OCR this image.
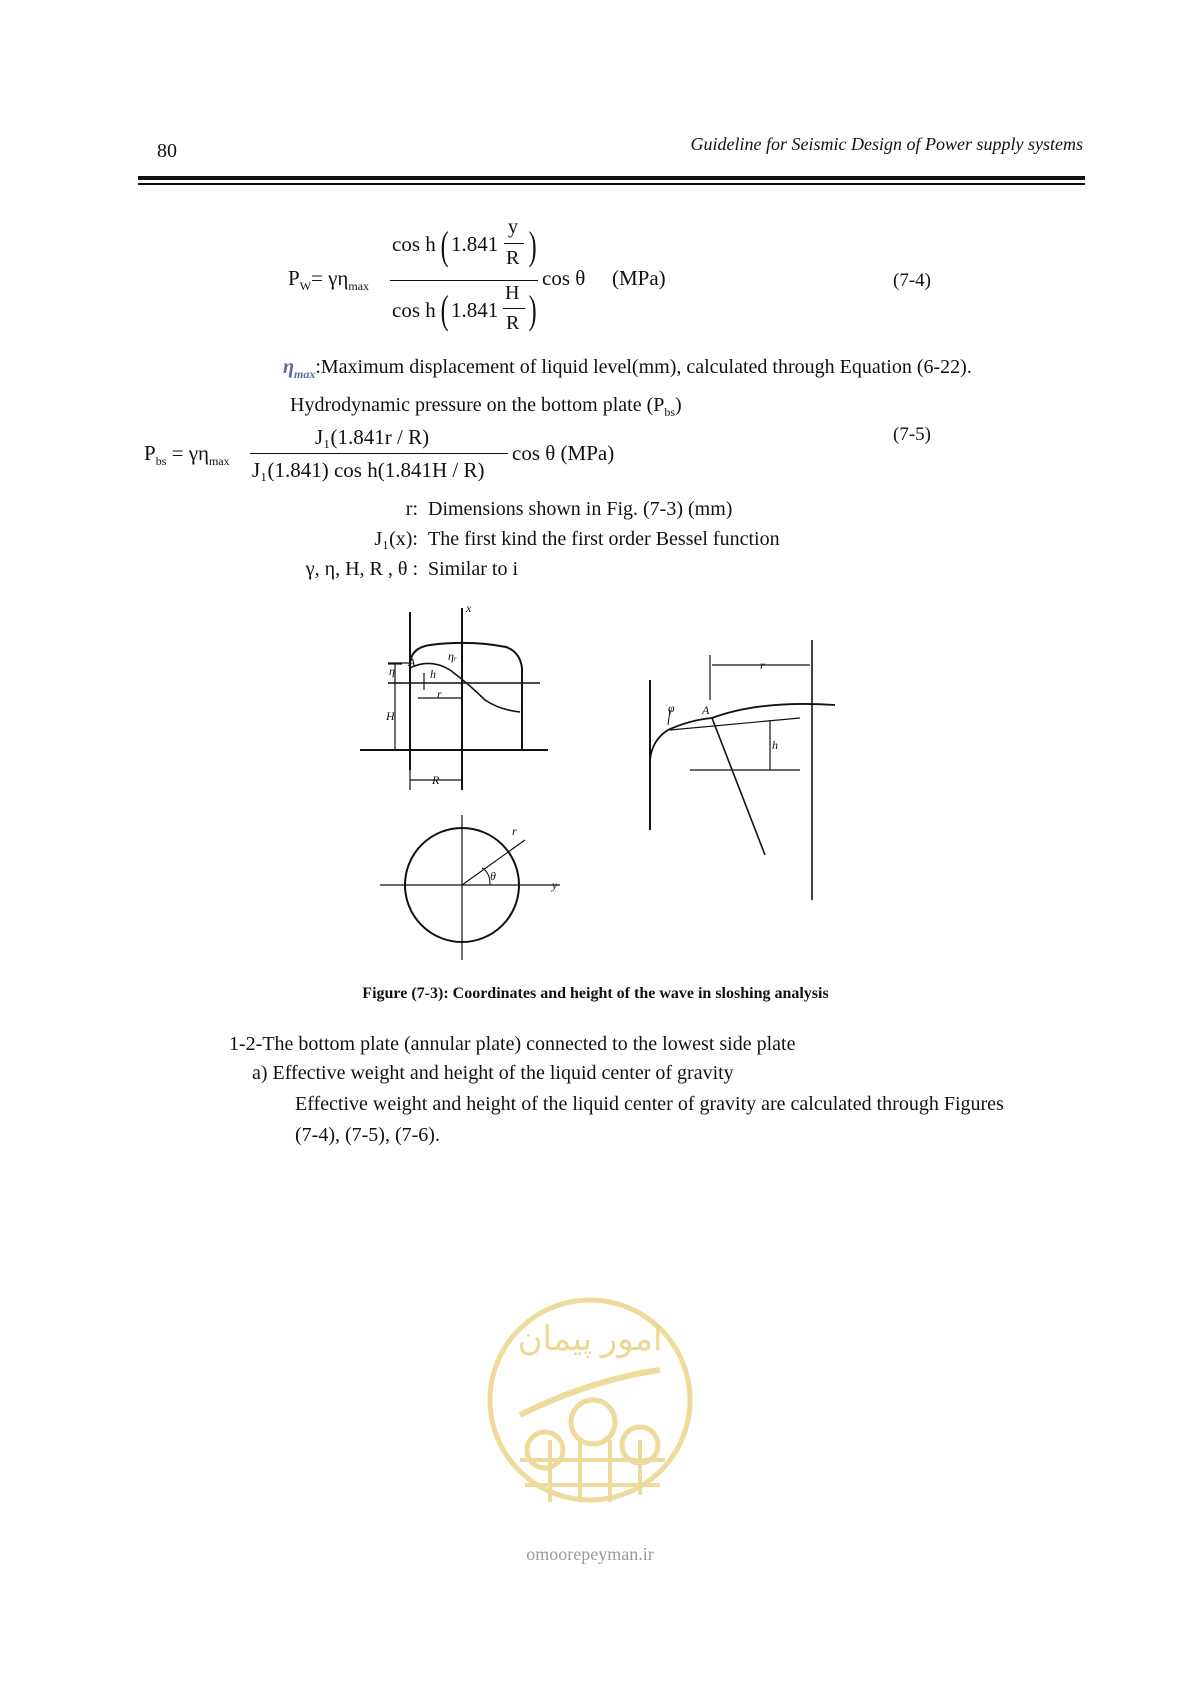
80	Guideline for Seismic Design of Power supply systems
$P_W= \gamma\eta_{max}$
cos h ( 1.841
y
R )
cos h ( 1.841
H
R )
cos θ (MPa)	(7-4)
$\eta_{max}:Maximum$ displacement of liquid level(mm), calculated through Equation (6-22).
Hydrodynamic pressure on the bottom plate $(P_{bs})$
$P_{bs} = \gamma\eta_{max}$
J₁(1.841r / R)
J₁(1.841) cos h(1.841H / R)
cos θ (MPa)
(7-5)
r: Dimensions shown in Fig. (7-3) (mm)
J₁(x): The first kind the first order Bessel function
γ, η, H, R , θ : Similar to i
x
η
ηᵣ
A
h
r
H
R
r
θ
y
φ A
r
h
Figure (7-3): Coordinates and height of the wave in sloshing analysis
1-2-The bottom plate (annular plate) connected to the lowest side plate
a) Effective weight and height of the liquid center of gravity
Effective weight and height of the liquid center of gravity are calculated through Figures
(7-4), (7-5), (7-6).
امور پیمان
omoorepeyman.ir
